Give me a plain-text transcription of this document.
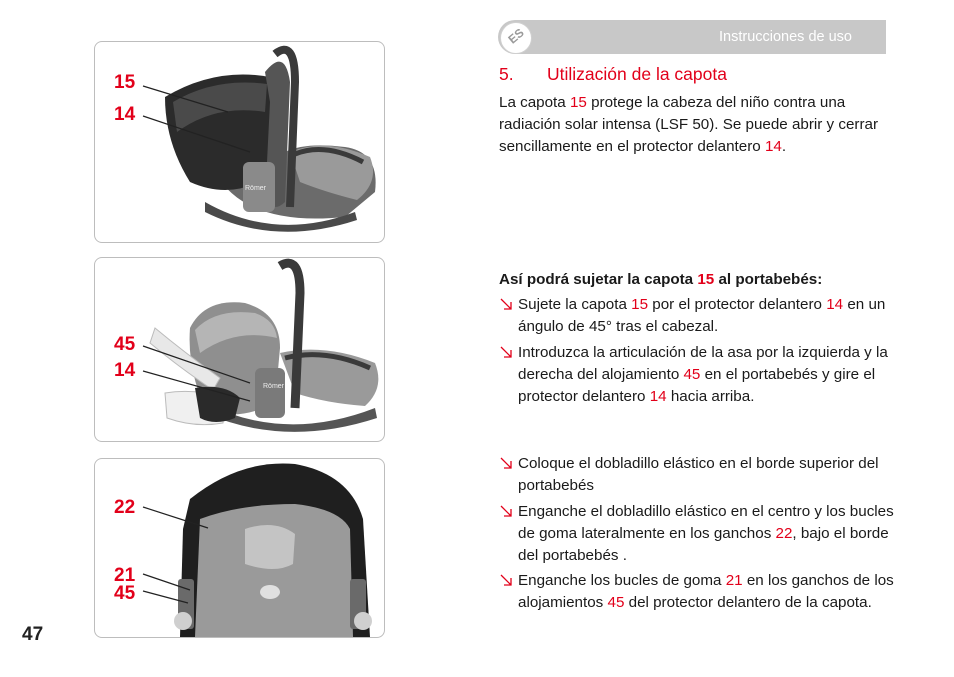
Instrucciones de uso
ES
Römer
Römer
15
14
45
14
22
21
45
47
5. Utilización de la capota
La capota 15 protege la cabeza del niño contra una radiación solar intensa (LSF 50). Se puede abrir y cerrar sencillamente en el protector delantero 14.
Así podrá sujetar la capota 15 al portabebés:
Sujete la capota 15 por el protector delantero 14 en un ángulo de 45° tras el cabezal.
Introduzca la articulación de la asa por la izquierda y la derecha del alojamiento 45 en el portabebés y gire el protector delantero 14 hacia arriba.
Coloque el dobladillo elástico en el borde superior del portabebés
Enganche el dobladillo elástico en el centro y los bucles de goma lateralmente en los ganchos 22, bajo el borde del portabebés .
Enganche los bucles de goma 21 en los ganchos de los alojamientos 45 del protector delantero de la capota.
